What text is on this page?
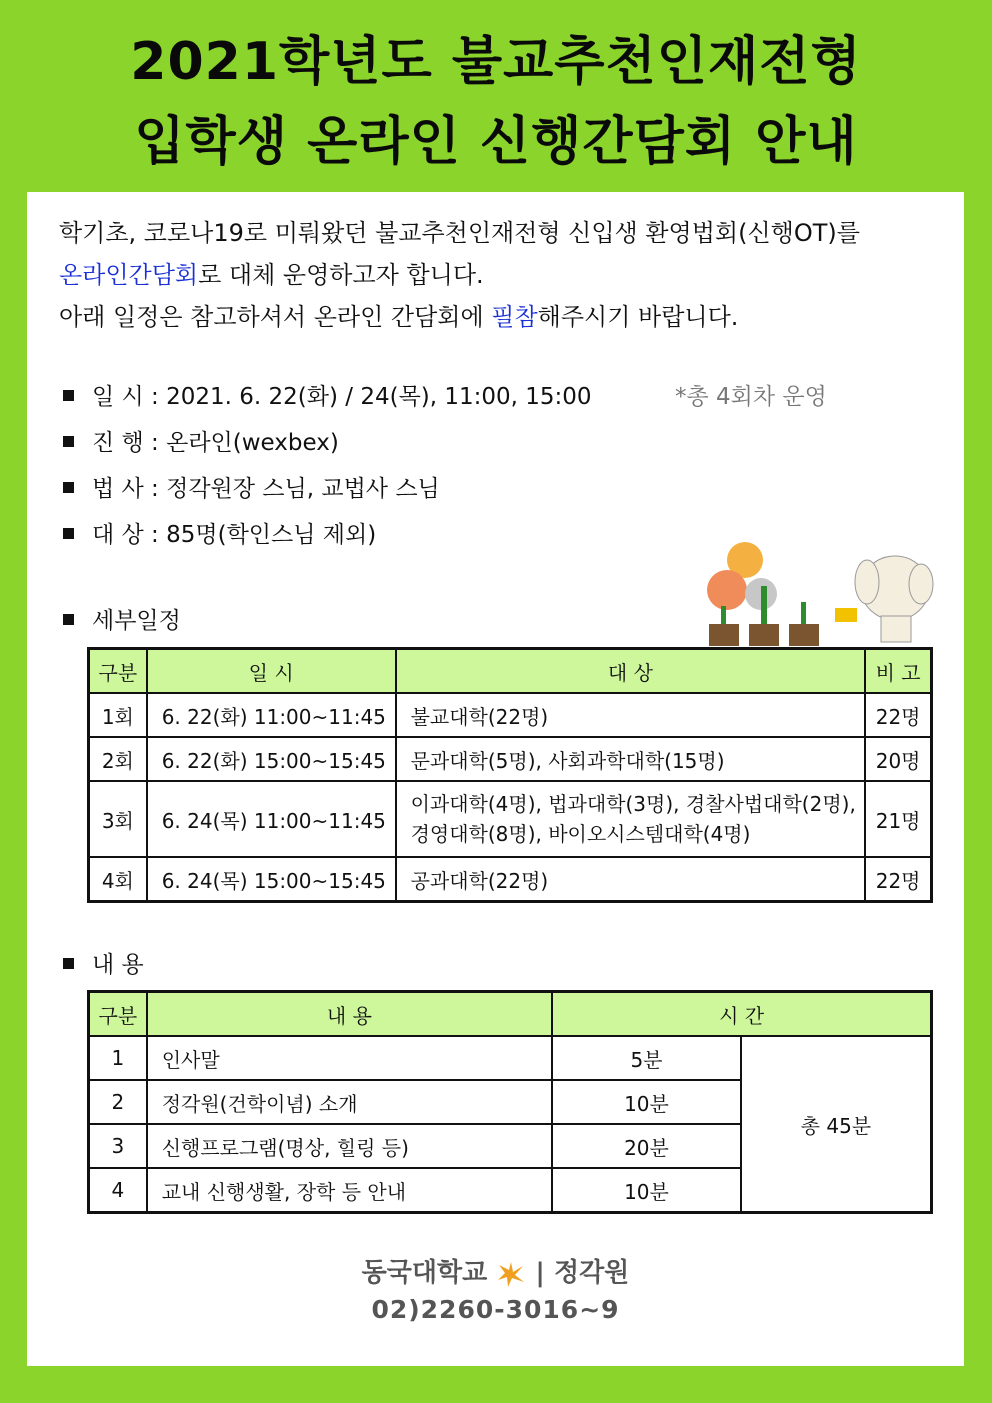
2021학년도 불교추천인재전형
입학생 온라인 신행간담회 안내

학기초, 코로나19로 미뤄왔던 불교추천인재전형 신입생 환영법회(신행OT)를

온라인간담회로 대체 운영하고자 합니다.

아래 일정은 참고하셔서 온라인 간담회에 필참해주시기 바랍니다.

일 시 : 2021. 6. 22(화) / 24(목), 11:00, 15:00	*총 4회차 운영
진 행 : 온라인(wexbex)
법 사 : 정각원장 스님, 교법사 스님
대 상 : 85명(학인스님 제외)
세부일정
구분	일 시	대 상	비 고
1회	6. 22(화) 11:00~11:45	불교대학(22명)	22명
2회	6. 22(화) 15:00~15:45	문과대학(5명), 사회과학대학(15명)	20명
3회	6. 24(목) 11:00~11:45	이과대학(4명), 법과대학(3명), 경찰사법대학(2명),
경영대학(8명), 바이오시스템대학(4명)	21명
4회	6. 24(목) 15:00~15:45	공과대학(22명)	22명
내 용
구분	내 용	시 간	
1	인사말	5분	총 45분
2	정각원(건학이념) 소개	10분	
3	신행프로그램(명상, 힐링 등)	20분	
4	교내 신행생활, 장학 등 안내	10분	
동국대학교 | 정각원
02)2260-3016~9
